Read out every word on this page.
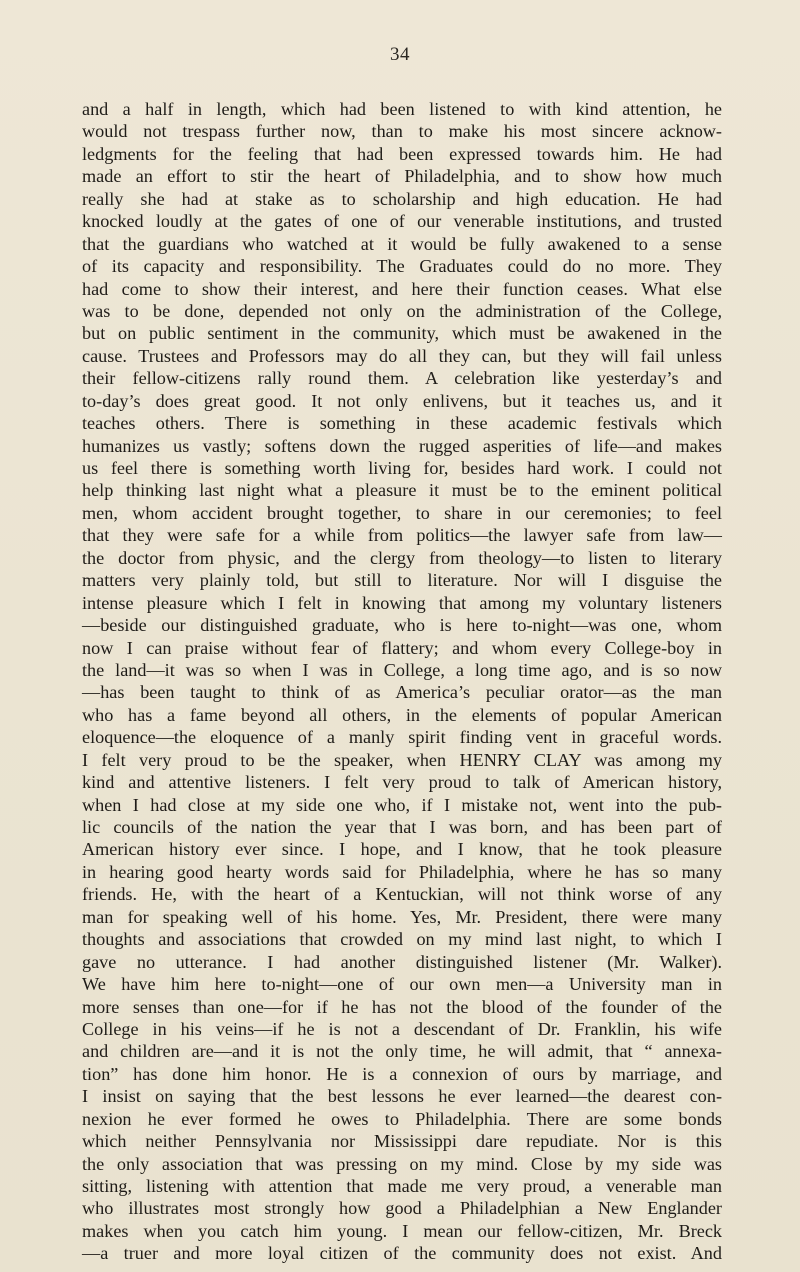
34
and a half in length, which had been listened to with kind attention, he
would not trespass further now, than to make his most sincere acknow-
ledgments for the feeling that had been expressed towards him. He had
made an effort to stir the heart of Philadelphia, and to show how much
really she had at stake as to scholarship and high education. He had
knocked loudly at the gates of one of our venerable institutions, and trusted
that the guardians who watched at it would be fully awakened to a sense
of its capacity and responsibility. The Graduates could do no more. They
had come to show their interest, and here their function ceases. What else
was to be done, depended not only on the administration of the College,
but on public sentiment in the community, which must be awakened in the
cause. Trustees and Professors may do all they can, but they will fail unless
their fellow-citizens rally round them. A celebration like yesterday’s and
to-day’s does great good. It not only enlivens, but it teaches us, and it
teaches others. There is something in these academic festivals which
humanizes us vastly; softens down the rugged asperities of life—and makes
us feel there is something worth living for, besides hard work. I could not
help thinking last night what a pleasure it must be to the eminent political
men, whom accident brought together, to share in our ceremonies; to feel
that they were safe for a while from politics—the lawyer safe from law—
the doctor from physic, and the clergy from theology—to listen to literary
matters very plainly told, but still to literature. Nor will I disguise the
intense pleasure which I felt in knowing that among my voluntary listeners
—beside our distinguished graduate, who is here to-night—was one, whom
now I can praise without fear of flattery; and whom every College-boy in
the land—it was so when I was in College, a long time ago, and is so now
—has been taught to think of as America’s peculiar orator—as the man
who has a fame beyond all others, in the elements of popular American
eloquence—the eloquence of a manly spirit finding vent in graceful words.
I felt very proud to be the speaker, when HENRY CLAY was among my
kind and attentive listeners. I felt very proud to talk of American history,
when I had close at my side one who, if I mistake not, went into the pub-
lic councils of the nation the year that I was born, and has been part of
American history ever since. I hope, and I know, that he took pleasure
in hearing good hearty words said for Philadelphia, where he has so many
friends. He, with the heart of a Kentuckian, will not think worse of any
man for speaking well of his home. Yes, Mr. President, there were many
thoughts and associations that crowded on my mind last night, to which I
gave no utterance. I had another distinguished listener (Mr. Walker).
We have him here to-night—one of our own men—a University man in
more senses than one—for if he has not the blood of the founder of the
College in his veins—if he is not a descendant of Dr. Franklin, his wife
and children are—and it is not the only time, he will admit, that “ annexa-
tion” has done him honor. He is a connexion of ours by marriage, and
I insist on saying that the best lessons he ever learned—the dearest con-
nexion he ever formed he owes to Philadelphia. There are some bonds
which neither Pennsylvania nor Mississippi dare repudiate. Nor is this
the only association that was pressing on my mind. Close by my side was
sitting, listening with attention that made me very proud, a venerable man
who illustrates most strongly how good a Philadelphian a New Englander
makes when you catch him young. I mean our fellow-citizen, Mr. Breck
—a truer and more loyal citizen of the community does not exist. And
